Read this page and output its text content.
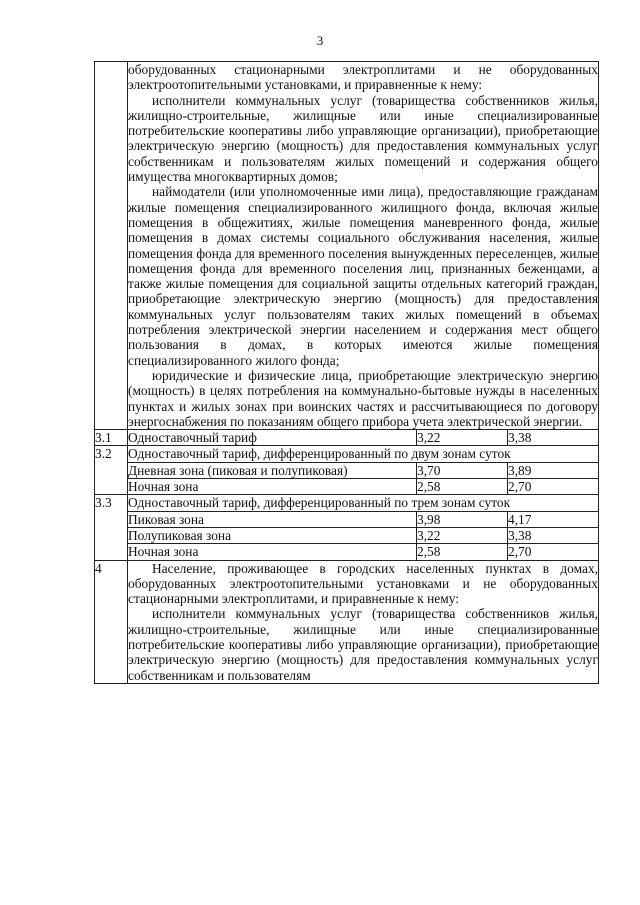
3

	оборудованных стационарными электроплитами и не оборудованных электроотопительными установками, и приравненные к нему:
исполнители коммунальных услуг (товарищества собственников жилья, жилищно-строительные, жилищные или иные специализированные потребительские кооперативы либо управляющие организации), приобретающие электрическую энергию (мощность) для предоставления коммунальных услуг собственникам и пользователям жилых помещений и содержания общего имущества многоквартирных домов;
наймодатели (или уполномоченные ими лица), предоставляющие гражданам жилые помещения специализированного жилищного фонда, включая жилые помещения в общежитиях, жилые помещения маневренного фонда, жилые помещения в домах системы социального обслуживания населения, жилые помещения фонда для временного поселения вынужденных переселенцев, жилые помещения фонда для временного поселения лиц, признанных беженцами, а также жилые помещения для социальной защиты отдельных категорий граждан, приобретающие электрическую энергию (мощность) для предоставления коммунальных услуг пользователям таких жилых помещений в объемах потребления электрической энергии населением и содержания мест общего пользования в домах, в которых имеются жилые помещения специализированного жилого фонда;
юридические и физические лица, приобретающие электрическую энергию (мощность) в целях потребления на коммунально-бытовые нужды в населенных пунктах и жилых зонах при воинских частях и рассчитывающиеся по договору энергоснабжения по показаниям общего прибора учета электрической энергии.		

3.1	Одноставочный тариф	3,22	3,38
3.2	Одноставочный тариф, дифференцированный по двум зонам суток		
	Дневная зона (пиковая и полупиковая)	3,70	3,89
	Ночная зона	2,58	2,70
3.3	Одноставочный тариф, дифференцированный по трем зонам суток		
	Пиковая зона	3,98	4,17
	Полупиковая зона	3,22	3,38
	Ночная зона	2,58	2,70
4	Население, проживающее в городских населенных пунктах в домах, оборудованных электроотопительными установками и не оборудованных стационарными электроплитами, и приравненные к нему:
исполнители коммунальных услуг (товарищества собственников жилья, жилищно-строительные, жилищные или иные специализированные потребительские кооперативы либо управляющие организации), приобретающие электрическую энергию (мощность) для предоставления коммунальных услуг собственникам и пользователям		
